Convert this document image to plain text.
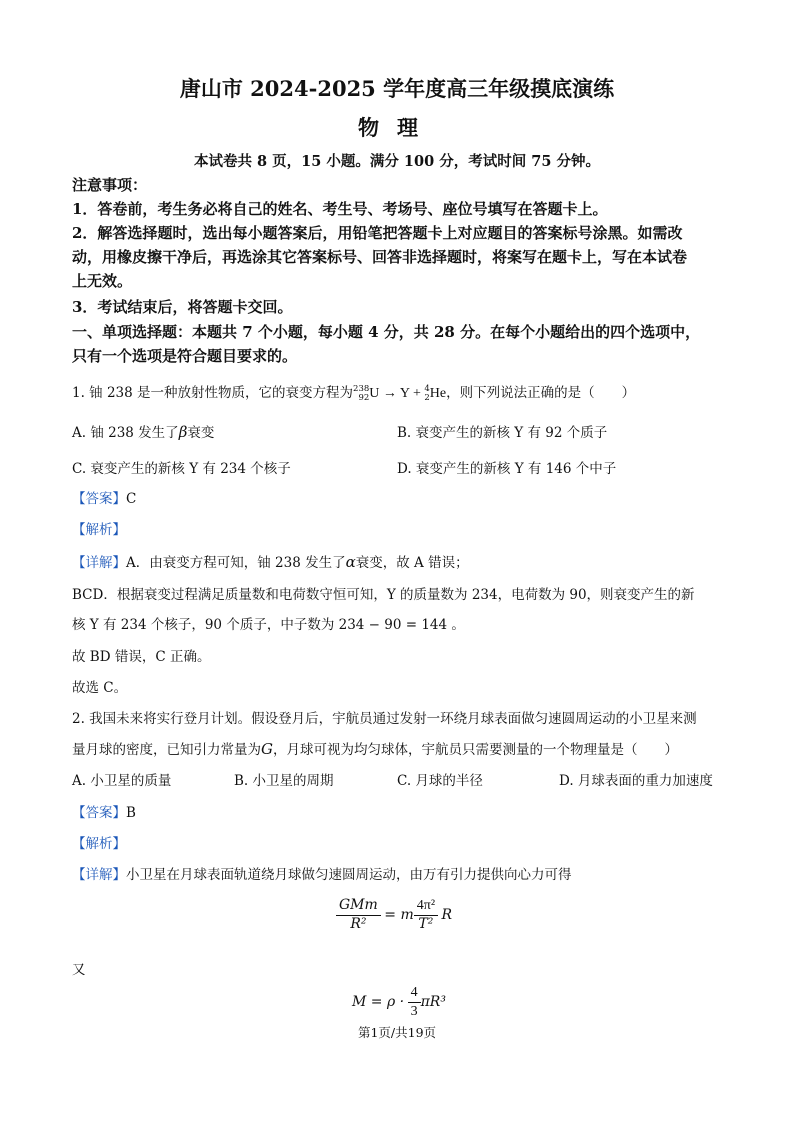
唐山市 2024-2025 学年度高三年级摸底演练
物理
本试卷共 8 页，15 小题。满分 100 分，考试时间 75 分钟。
注意事项：
1．答卷前，考生务必将自己的姓名、考生号、考场号、座位号填写在答题卡上。
2．解答选择题时，选出每小题答案后，用铅笔把答题卡上对应题目的答案标号涂黑。如需改
动，用橡皮擦干净后，再选涂其它答案标号、回答非选择题时，将案写在题卡上，写在本试卷
上无效。
3．考试结束后，将答题卡交回。
一、单项选择题：本题共 7 个小题，每小题 4 分，共 28 分。在每个小题给出的四个选项中，
只有一个选项是符合题目要求的。
1. 铀 238 是一种放射性物质，它的衰变方程为 238
92 U → Y + 4
2 He，则下列说法正确的是（　　）
A. 铀 238 发生了β衰变	B. 衰变产生的新核 Y 有 92 个质子
C. 衰变产生的新核 Y 有 234 个核子	D. 衰变产生的新核 Y 有 146 个中子
【答案】C
【解析】
【详解】A．由衰变方程可知，铀 238 发生了α衰变，故 A 错误；
BCD．根据衰变过程满足质量数和电荷数守恒可知，Y 的质量数为 234，电荷数为 90，则衰变产生的新
核 Y 有 234 个核子，90 个质子，中子数为 234 − 90 = 144 。
故 BD 错误，C 正确。
故选 C。
2. 我国未来将实行登月计划。假设登月后，宇航员通过发射一环绕月球表面做匀速圆周运动的小卫星来测
量月球的密度，已知引力常量为G，月球可视为均匀球体，宇航员只需要测量的一个物理量是（　　）
A. 小卫星的质量	B. 小卫星的周期	C. 月球的半径	D. 月球表面的重力加速度
【答案】B
【解析】
【详解】小卫星在月球表面轨道绕月球做匀速圆周运动，由万有引力提供向心力可得
$\frac{\text{GMm}}{\text{R²}} = m \frac{\text{4π²}}{\text{T²}}$ R
又
$M = \rho \cdot \frac{4}{3} \pi R^3$
第1页/共19页
